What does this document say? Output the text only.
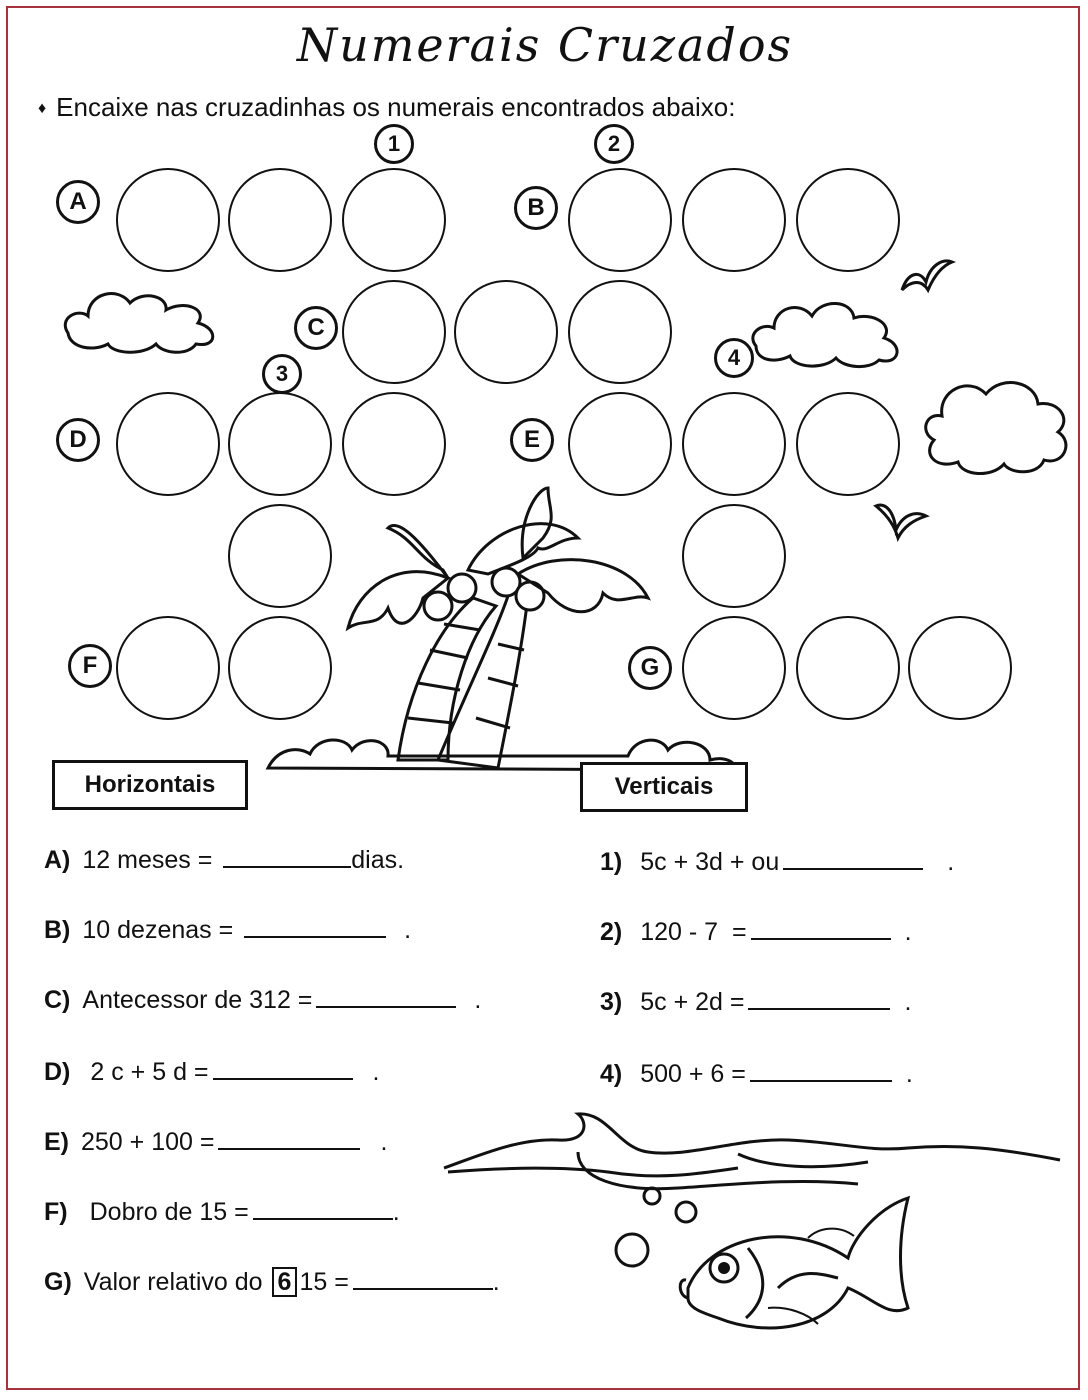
Numerais Cruzados
♦ Encaixe nas cruzadinhas os numerais encontrados abaixo:
1	2
3
4
A	B
C
D	E
F	G
Horizontais	Verticais
A) 12 meses =	dias.
B) 10 dezenas =	.
C) Antecessor de 312 =	.
D) 2 c + 5 d =	.
E) 250 + 100 =	.
F) Dobro de 15 =	.
G) Valor relativo do 6 15 =	.
1) 5c + 3d + ou	.
2) 120 - 7  =	.
3) 5c + 2d =	.
4) 500 + 6 =	.
